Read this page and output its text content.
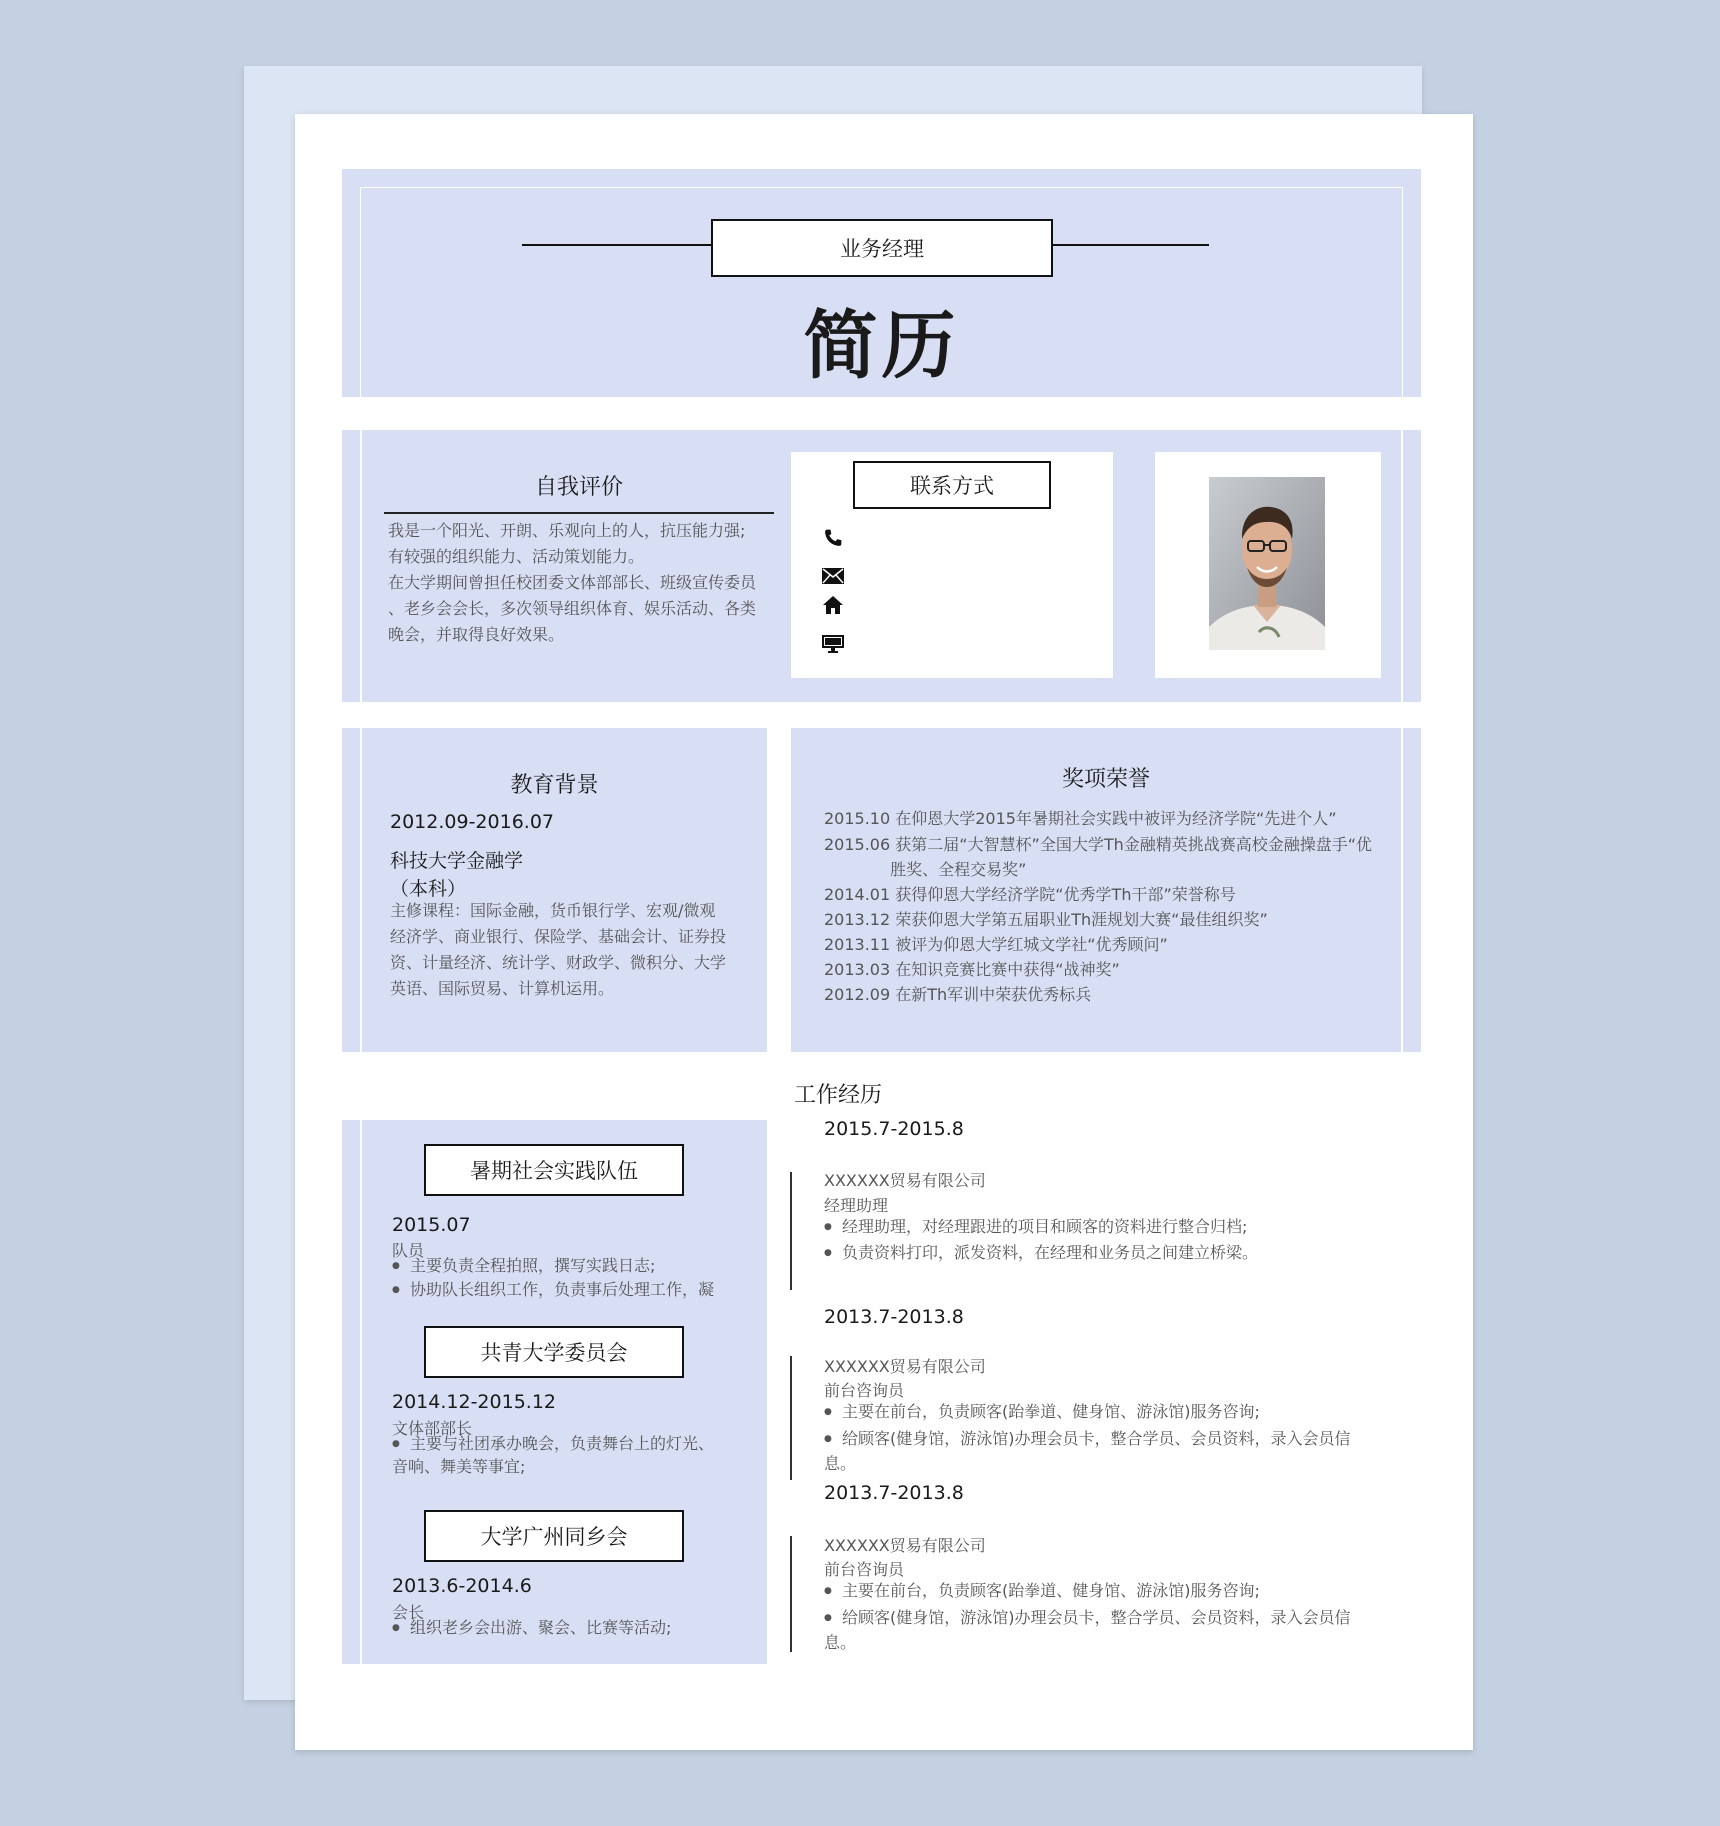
业务经理
简历
自我评价
我是一个阳光、开朗、乐观向上的人，抗压能力强;
有较强的组织能力、活动策划能力。
在大学期间曾担任校团委文体部部长、班级宣传委员
、老乡会会长，多次领导组织体育、娱乐活动、各类
晚会，并取得良好效果。
联系方式
教育背景
2012.09-2016.07
科技大学金融学
（本科）
主修课程：国际金融，货币银行学、宏观/微观
经济学、商业银行、保险学、基础会计、证券投
资、计量经济、统计学、财政学、微积分、大学
英语、国际贸易、计算机运用。
奖项荣誉
2015.10 在仰恩大学2015年暑期社会实践中被评为经济学院“先进个人”
2015.06 获第二届“大智慧杯”全国大学Th金融精英挑战赛高校金融操盘手“优
胜奖、全程交易奖”
2014.01 获得仰恩大学经济学院“优秀学Th干部”荣誉称号
2013.12 荣获仰恩大学第五届职业Th涯规划大赛“最佳组织奖”
2013.11 被评为仰恩大学红城文学社“优秀顾问”
2013.03 在知识竞赛比赛中获得“战神奖”
2012.09 在新Th军训中荣获优秀标兵
暑期社会实践队伍
2015.07
队员
● 主要负责全程拍照，撰写实践日志;
● 协助队长组织工作，负责事后处理工作，凝
共青大学委员会
2014.12-2015.12
文体部部长
● 主要与社团承办晚会，负责舞台上的灯光、
音响、舞美等事宜;
大学广州同乡会
2013.6-2014.6
会长
● 组织老乡会出游、聚会、比赛等活动;
工作经历
2015.7-2015.8
XXXXXX贸易有限公司
经理助理
● 经理助理，对经理跟进的项目和顾客的资料进行整合归档;
● 负责资料打印，派发资料，在经理和业务员之间建立桥梁。
2013.7-2013.8
XXXXXX贸易有限公司
前台咨询员
● 主要在前台，负责顾客(跆拳道、健身馆、游泳馆)服务咨询;
● 给顾客(健身馆，游泳馆)办理会员卡，整合学员、会员资料，录入会员信
息。
2013.7-2013.8
XXXXXX贸易有限公司
前台咨询员
● 主要在前台，负责顾客(跆拳道、健身馆、游泳馆)服务咨询;
● 给顾客(健身馆，游泳馆)办理会员卡，整合学员、会员资料，录入会员信
息。
